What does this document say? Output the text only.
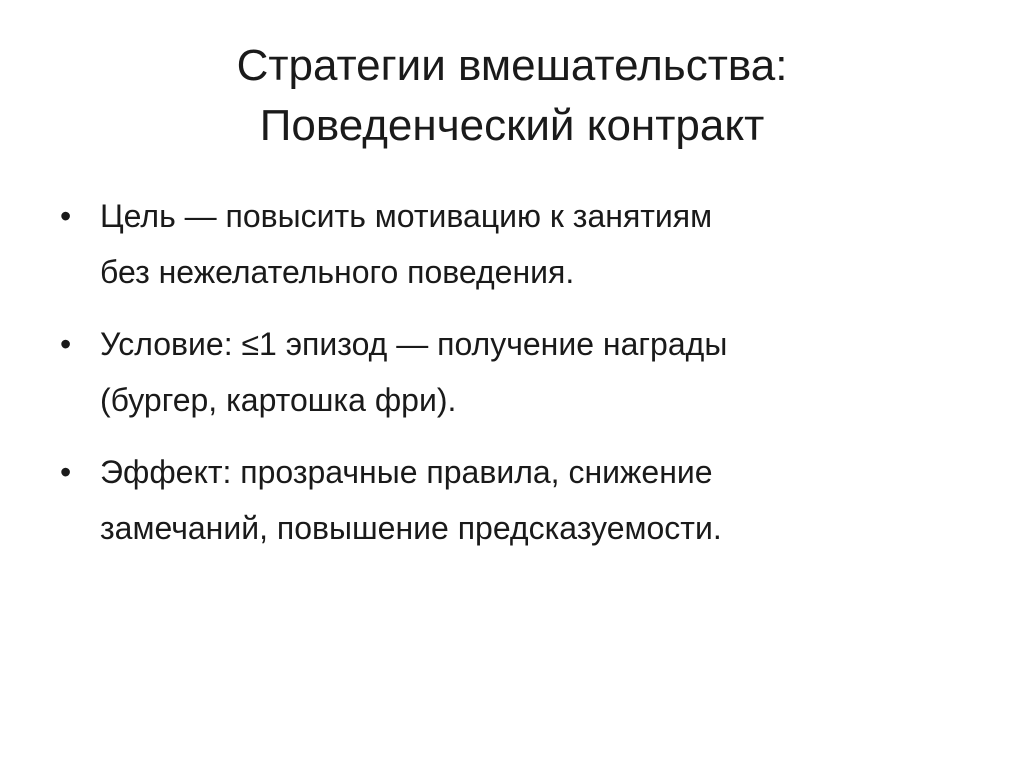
Стратегии вмешательства:
Поведенческий контракт
• Цель — повысить мотивацию к занятиям
без нежелательного поведения.
• Условие: ≤1 эпизод — получение награды
(бургер, картошка фри).
• Эффект: прозрачные правила, снижение
замечаний, повышение предсказуемости.
